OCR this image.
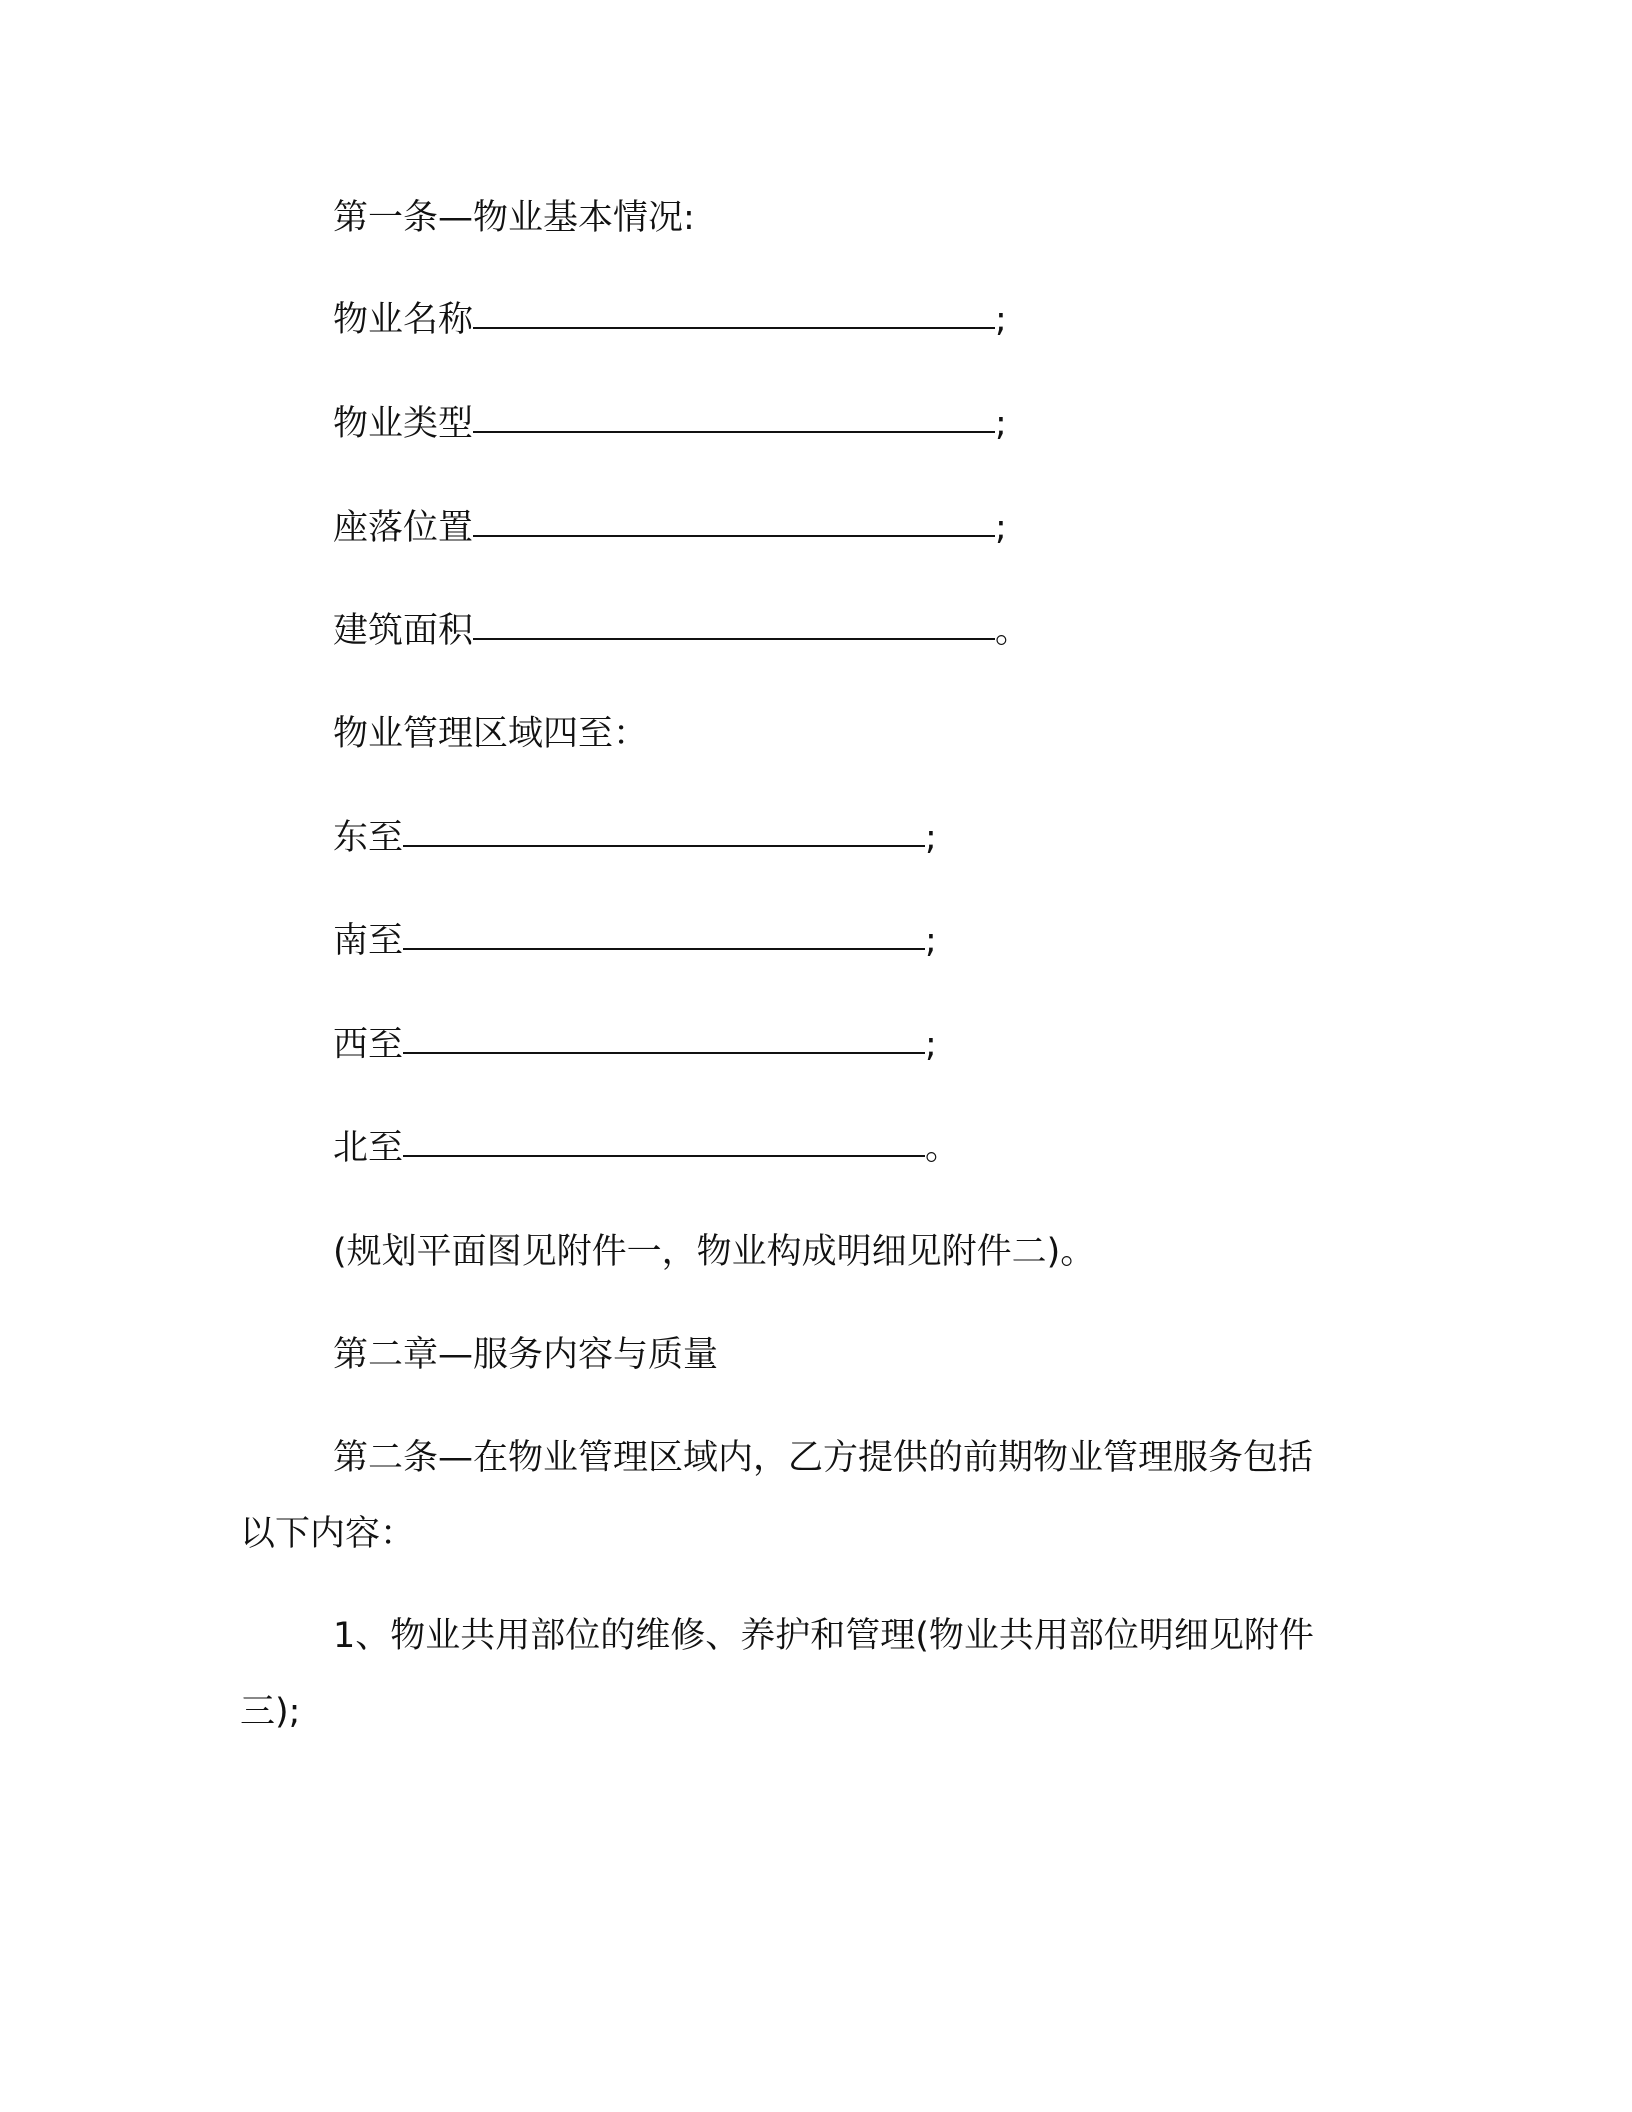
第一条—物业基本情况:
物业名称	;
物业类型	;
座落位置	;
建筑面积	。
物业管理区域四至：
东至	;
南至	;
西至	;
北至	。
(规划平面图见附件一，物业构成明细见附件二)。
第二章—服务内容与质量
第二条—在物业管理区域内，乙方提供的前期物业管理服务包括
以下内容：
1、物业共用部位的维修、养护和管理(物业共用部位明细见附件
三);
